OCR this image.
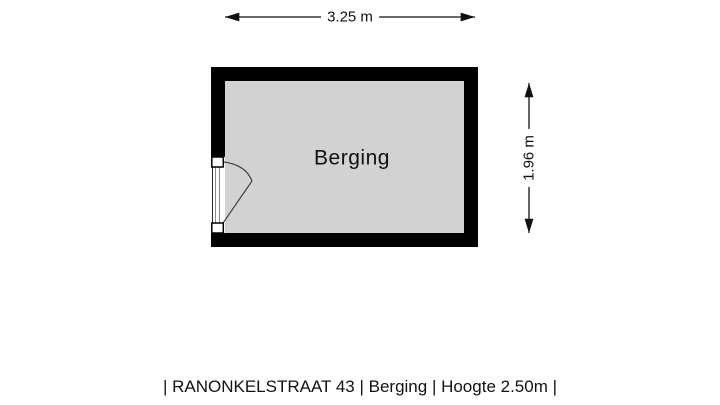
3.25 m
1.96 m
Berging
| RANONKELSTRAAT 43 | Berging | Hoogte 2.50m |
